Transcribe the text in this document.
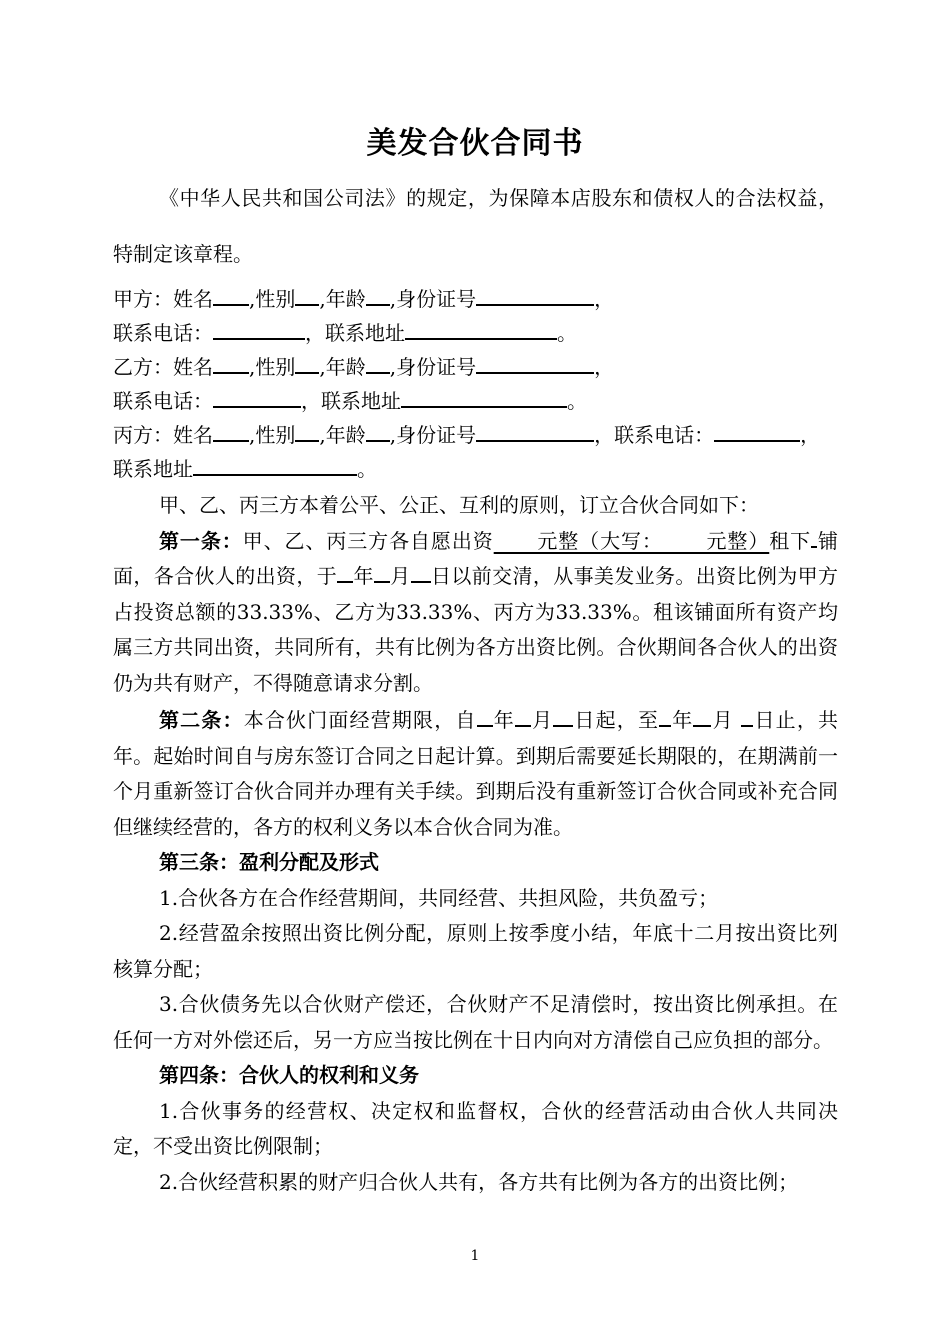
美发合伙合同书

《中华人民共和国公司法》的规定，为保障本店股东和债权人的合法权益，特制定该章程。

甲方：姓名 ,性别 ,年龄 ,身份证号	，

联系电话：	，联系地址	。

乙方：姓名 ,性别 ,年龄 ,身份证号	，

联系电话：	，联系地址	。

丙方：姓名 ,性别 ,年龄 ,身份证号	，联系电话：	，

联系地址	。

甲、乙、丙三方本着公平、公正、互利的原则，订立合伙合同如下：

第一条：甲、乙、丙三方各自愿出资      元整（大写：      元整）租下 铺面，各合伙人的出资，于 年 月 日以前交清，从事美发业务。出资比例为甲方占投资总额的33.33%、乙方为33.33%、丙方为33.33%。租该铺面所有资产均属三方共同出资，共同所有，共有比例为各方出资比例。合伙期间各合伙人的出资仍为共有财产，不得随意请求分割。

第二条：本合伙门面经营期限，自 年 月 日起，至 年 月 日止，共年。起始时间自与房东签订合同之日起计算。到期后需要延长期限的，在期满前一个月重新签订合伙合同并办理有关手续。到期后没有重新签订合伙合同或补充合同但继续经营的，各方的权利义务以本合伙合同为准。

第三条：盈利分配及形式

1.合伙各方在合作经营期间，共同经营、共担风险，共负盈亏；

2.经营盈余按照出资比例分配，原则上按季度小结，年底十二月按出资比列核算分配；

3.合伙债务先以合伙财产偿还，合伙财产不足清偿时，按出资比例承担。在任何一方对外偿还后，另一方应当按比例在十日内向对方清偿自己应负担的部分。

第四条：合伙人的权利和义务

1.合伙事务的经营权、决定权和监督权，合伙的经营活动由合伙人共同决定，不受出资比例限制；

2.合伙经营积累的财产归合伙人共有，各方共有比例为各方的出资比例；

1
